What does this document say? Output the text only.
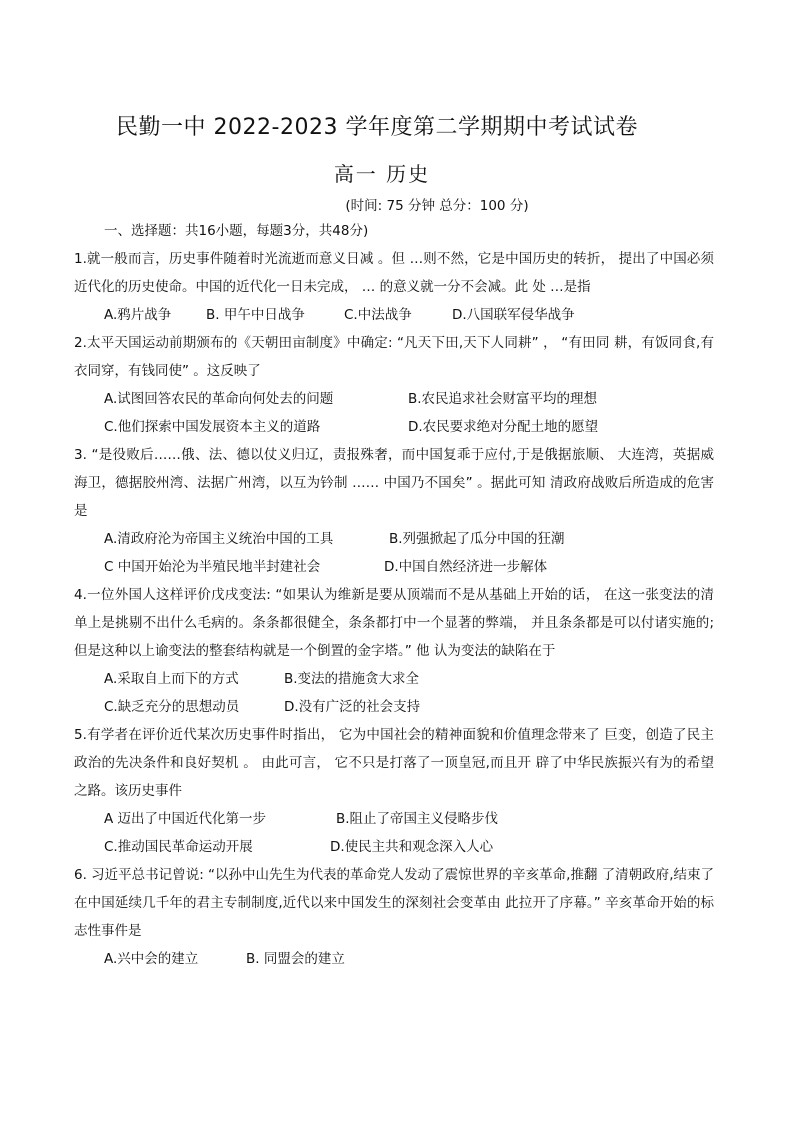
民勤一中 2022-2023 学年度第二学期期中考试试卷
高一 历史
(时间: 75 分钟 总分：100 分)
一、选择题：共16小题，每题3分，共48分)
1.就一般而言，历史事件随着时光流逝而意义日减 。但 …则不然，它是中国历史的转折， 提出了中国必须近代化的历史使命。中国的近代化一日未完成， … 的意义就一分不会减。此 处 …是指
A.鸦片战争	B. 甲午中日战争	C.中法战争	D.八国联军侵华战争
2.太平天国运动前期颁布的《天朝田亩制度》中确定: “凡天下田,天下人同耕” ， “有田同 耕，有饭同食,有衣同穿，有钱同使” 。这反映了
A.试图回答农民的革命向何处去的问题	B.农民追求社会财富平均的理想
C.他们探索中国发展资本主义的道路	D.农民要求绝对分配土地的愿望
3. “是役败后……俄、法、德以仗义归辽，责报殊奢，而中国复乖于应付,于是俄据旅顺、 大连湾，英据威海卫，德据胶州湾、法据广州湾，以互为钤制 …… 中国乃不国矣” 。据此可知 清政府战败后所造成的危害是
A.清政府沦为帝国主义统治中国的工具	B.列强掀起了瓜分中国的狂潮
C 中国开始沦为半殖民地半封建社会	D.中国自然经济进一步解体
4.一位外国人这样评价戊戌变法: “如果认为维新是要从顶端而不是从基础上开始的话， 在这一张变法的清单上是挑剔不出什么毛病的。条条都很健全，条条都打中一个显著的弊端， 并且条条都是可以付诸实施的;但是这种以上谕变法的整套结构就是一个倒置的金字塔。” 他 认为变法的缺陷在于
A.采取自上而下的方式	B.变法的措施贪大求全
C.缺乏充分的思想动员	D.没有广泛的社会支持
5.有学者在评价近代某次历史事件时指出， 它为中国社会的精神面貌和价值理念带来了 巨变，创造了民主政治的先决条件和良好契机 。 由此可言， 它不只是打落了一顶皇冠,而且开 辟了中华民族振兴有为的希望之路。该历史事件
A 迈出了中国近代化第一步	B.阻止了帝国主义侵略步伐
C.推动国民革命运动开展	D.使民主共和观念深入人心
6. 习近平总书记曾说: “以孙中山先生为代表的革命党人发动了震惊世界的辛亥革命,推翻 了清朝政府,结束了在中国延续几千年的君主专制制度,近代以来中国发生的深刻社会变革由 此拉开了序幕。” 辛亥革命开始的标志性事件是
A.兴中会的建立	B. 同盟会的建立
